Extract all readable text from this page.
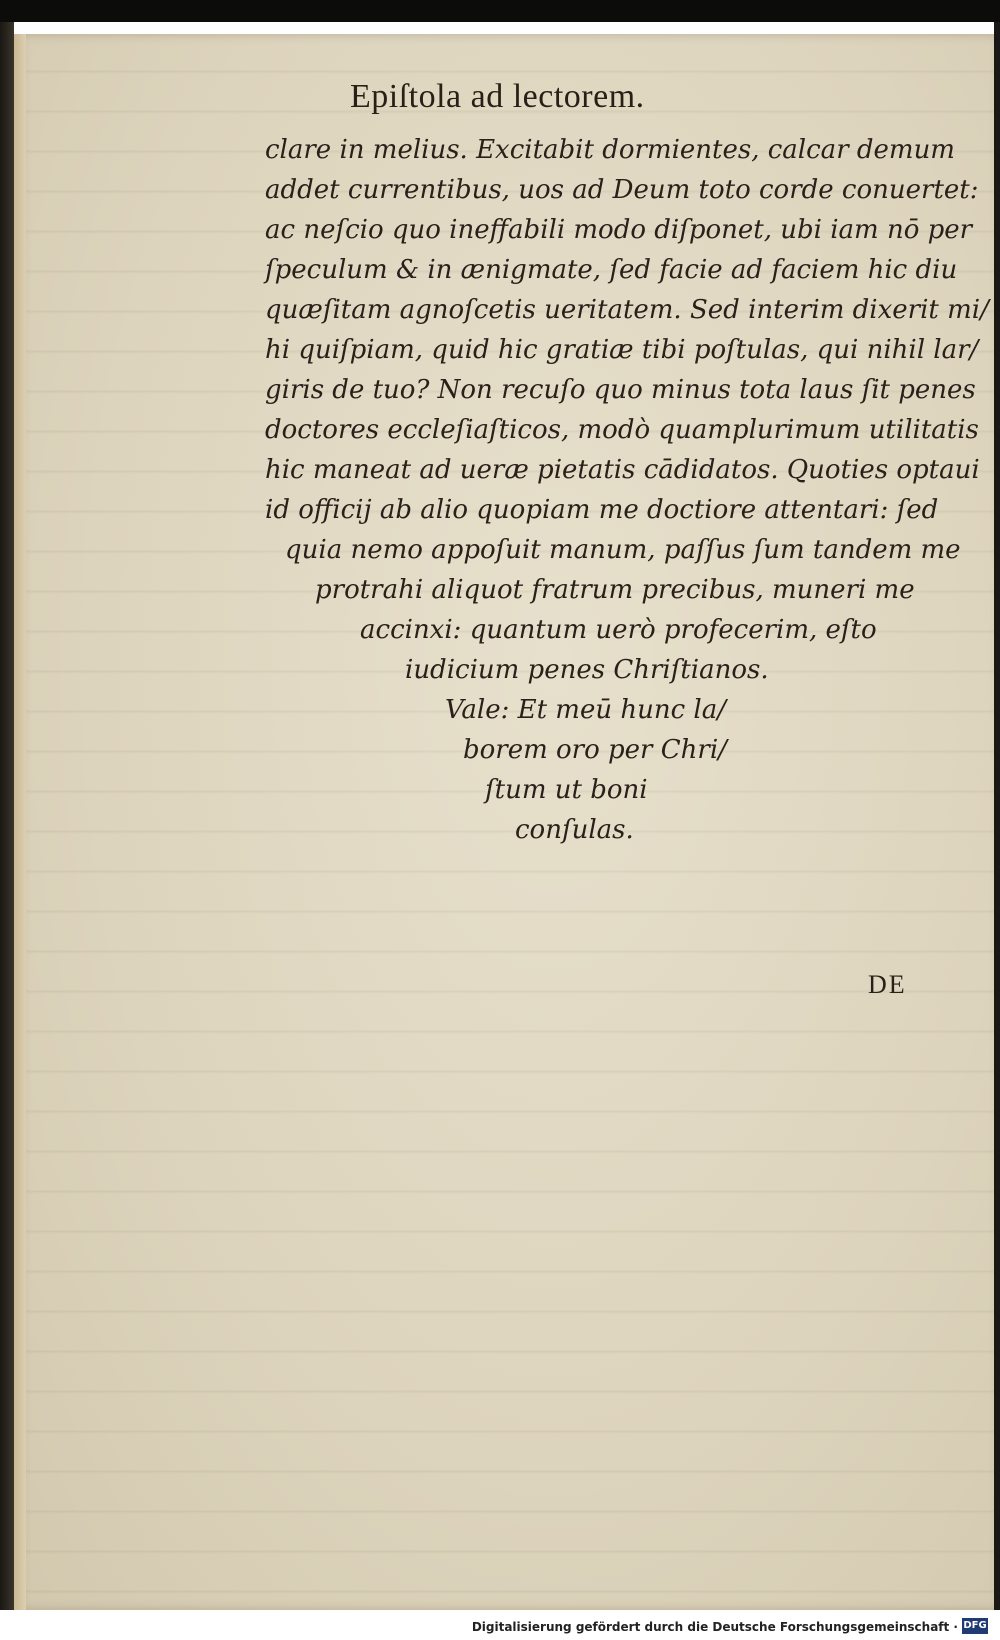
Epiſtola ad lectorem.
clare in melius. Excitabit dormientes, calcar demum
addet currentibus, uos ad Deum toto corde conuertet:
ac neſcio quo ineffabili modo diſponet, ubi iam nō per
ſpeculum & in ænigmate, ſed facie ad faciem hic diu
quæſitam agnoſcetis ueritatem. Sed interim dixerit mi/
hi quiſpiam, quid hic gratiæ tibi poſtulas, qui nihil lar/
giris de tuo? Non recuſo quo minus tota laus ſit penes
doctores eccleſiaſticos, modò quamplurimum utilitatis
hic maneat ad ueræ pietatis cādidatos. Quoties optaui
id officij ab alio quopiam me doctiore attentari: ſed
quia nemo appoſuit manum, paſſus ſum tandem me
protrahi aliquot fratrum precibus, muneri me
accinxi: quantum uerò profecerim, eſto
iudicium penes Chriſtianos.
Vale: Et meū hunc la/
borem oro per Chri/
ſtum ut boni
conſulas.
DE
Digitalisierung gefördert durch die Deutsche Forschungsgemeinschaft · DFG
